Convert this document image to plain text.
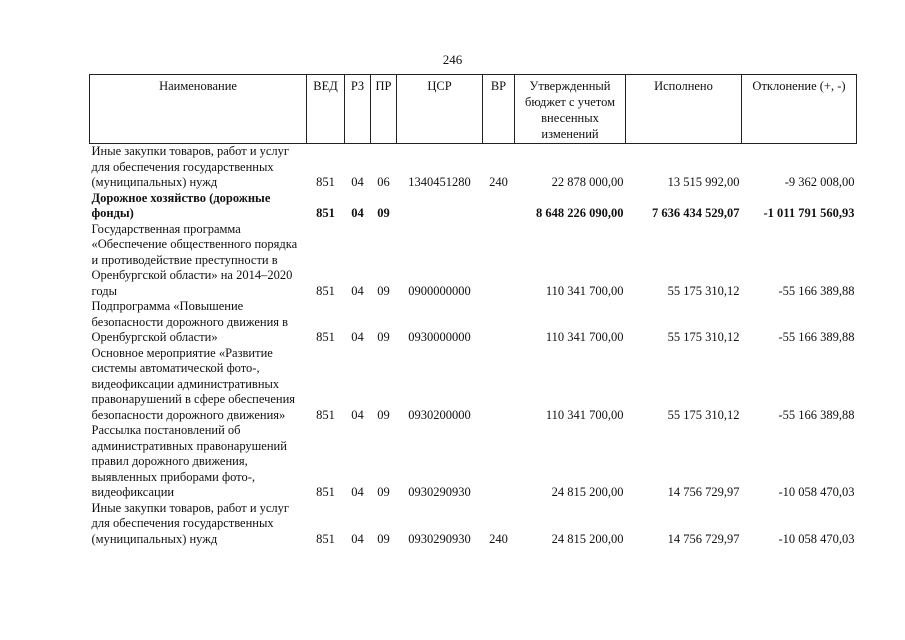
246
Наименование	ВЕД	РЗ	ПР	ЦСР	ВР	Утвержденный бюджет с учетом внесенных изменений	Исполнено	Отклонение (+, -)
Иные закупки товаров, работ и услуг для обеспечения государственных (муниципальных) нужд	851	04	06	1340451280	240	22 878 000,00	13 515 992,00	-9 362 008,00
Дорожное хозяйство (дорожные фонды)	851	04	09			8 648 226 090,00	7 636 434 529,07	-1 011 791 560,93
Государственная программа «Обеспечение общественного порядка и противодействие преступности в Оренбургской области» на 2014–2020 годы	851	04	09	0900000000		110 341 700,00	55 175 310,12	-55 166 389,88
Подпрограмма «Повышение безопасности дорожного движения в Оренбургской области»	851	04	09	0930000000		110 341 700,00	55 175 310,12	-55 166 389,88
Основное мероприятие «Развитие системы автоматической фото-, видеофиксации административных правонарушений в сфере обеспечения безопасности дорожного движения»	851	04	09	0930200000		110 341 700,00	55 175 310,12	-55 166 389,88
Рассылка постановлений об административных правонарушений правил дорожного движения, выявленных приборами фото-, видеофиксации	851	04	09	0930290930		24 815 200,00	14 756 729,97	-10 058 470,03
Иные закупки товаров, работ и услуг для обеспечения государственных (муниципальных) нужд	851	04	09	0930290930	240	24 815 200,00	14 756 729,97	-10 058 470,03
